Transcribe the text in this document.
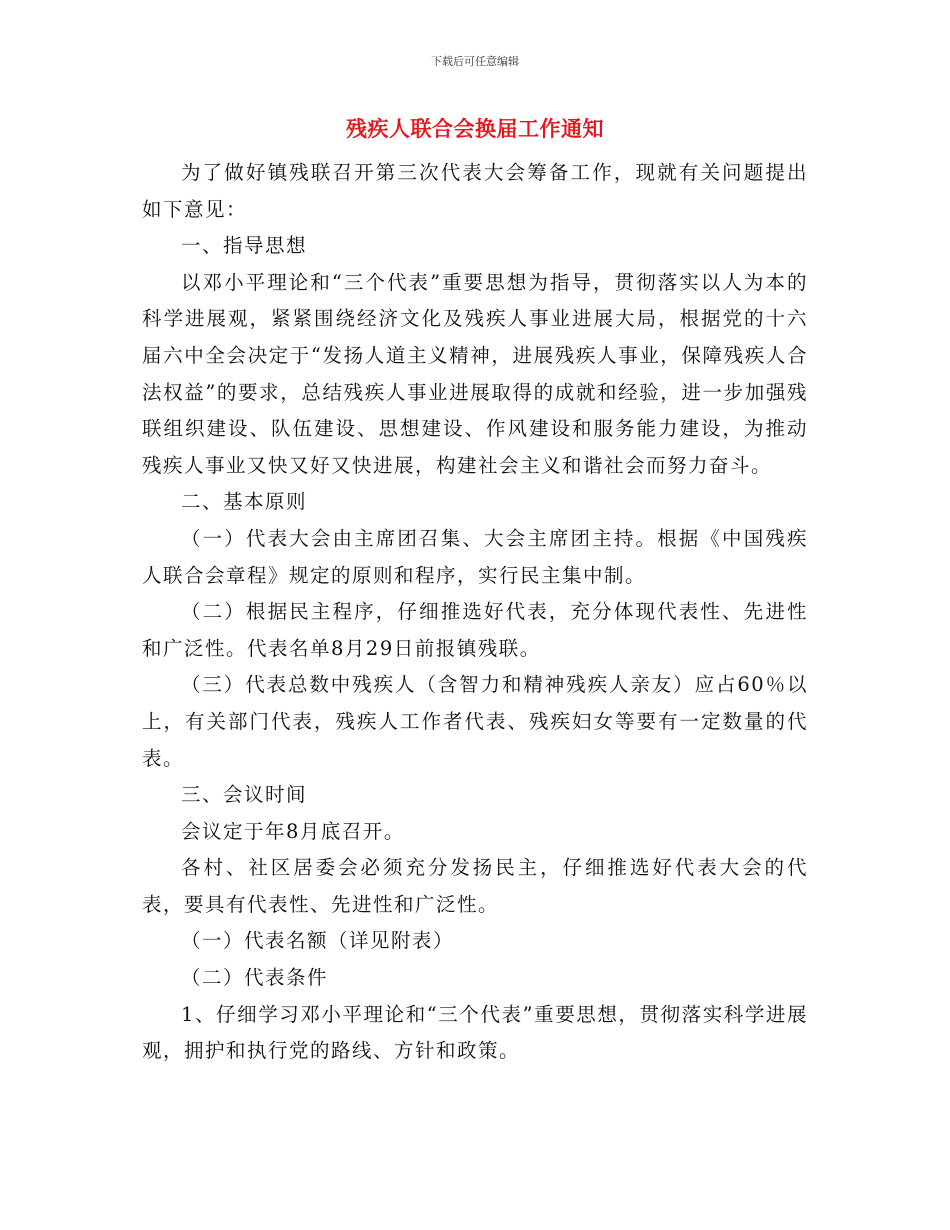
下载后可任意编辑
残疾人联合会换届工作通知

为了做好镇残联召开第三次代表大会筹备工作，现就有关问题提出如下意见：

一、指导思想

以邓小平理论和“三个代表”重要思想为指导，贯彻落实以人为本的科学进展观，紧紧围绕经济文化及残疾人事业进展大局，根据党的十六届六中全会决定于“发扬人道主义精神，进展残疾人事业，保障残疾人合法权益”的要求，总结残疾人事业进展取得的成就和经验，进一步加强残联组织建设、队伍建设、思想建设、作风建设和服务能力建设，为推动残疾人事业又快又好又快进展，构建社会主义和谐社会而努力奋斗。

二、基本原则

（一）代表大会由主席团召集、大会主席团主持。根据《中国残疾人联合会章程》规定的原则和程序，实行民主集中制。

（二）根据民主程序，仔细推选好代表，充分体现代表性、先进性和广泛性。代表名单8月29日前报镇残联。

（三）代表总数中残疾人（含智力和精神残疾人亲友）应占60％以上，有关部门代表，残疾人工作者代表、残疾妇女等要有一定数量的代表。

三、会议时间

会议定于年8月底召开。

各村、社区居委会必须充分发扬民主，仔细推选好代表大会的代表，要具有代表性、先进性和广泛性。

（一）代表名额（详见附表）

（二）代表条件

1、仔细学习邓小平理论和“三个代表”重要思想，贯彻落实科学进展观，拥护和执行党的路线、方针和政策。
